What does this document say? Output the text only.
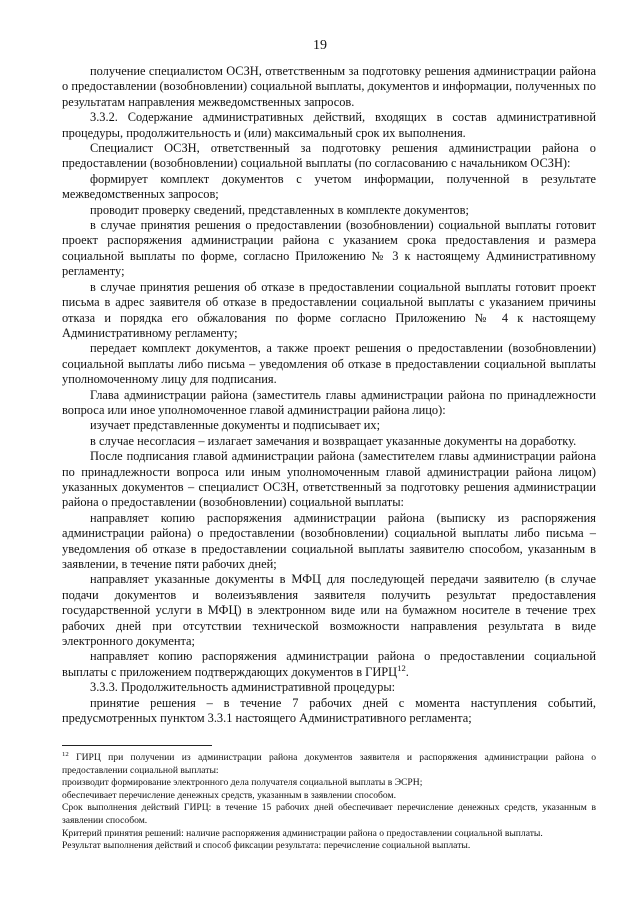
19

получение специалистом ОСЗН, ответственным за подготовку решения администрации района о предоставлении (возобновлении) социальной выплаты, документов и информации, полученных по результатам направления межведомственных запросов.

3.3.2. Содержание административных действий, входящих в состав административной процедуры, продолжительность и (или) максимальный срок их выполнения.

Специалист ОСЗН, ответственный за подготовку решения администрации района о предоставлении (возобновлении) социальной выплаты (по согласованию с начальником ОСЗН):

формирует комплект документов с учетом информации, полученной в результате межведомственных запросов;

проводит проверку сведений, представленных в комплекте документов;

в случае принятия решения о предоставлении (возобновлении) социальной выплаты готовит проект распоряжения администрации района с указанием срока предоставления и размера социальной выплаты по форме, согласно Приложению № 3 к настоящему Административному регламенту;

в случае принятия решения об отказе в предоставлении социальной выплаты готовит проект письма в адрес заявителя об отказе в предоставлении социальной выплаты с указанием причины отказа и порядка его обжалования по форме согласно Приложению № 4 к настоящему Административному регламенту;

передает комплект документов, а также проект решения о предоставлении (возобновлении) социальной выплаты либо письма – уведомления об отказе в предоставлении социальной выплаты уполномоченному лицу для подписания.

Глава администрации района (заместитель главы администрации района по принадлежности вопроса или иное уполномоченное главой администрации района лицо):

изучает представленные документы и подписывает их;

в случае несогласия – излагает замечания и возвращает указанные документы на доработку.

После подписания главой администрации района (заместителем главы администрации района по принадлежности вопроса или иным уполномоченным главой администрации района лицом) указанных документов – специалист ОСЗН, ответственный за подготовку решения администрации района о предоставлении (возобновлении) социальной выплаты:

направляет копию распоряжения администрации района (выписку из распоряжения администрации района) о предоставлении (возобновлении) социальной выплаты либо письма – уведомления об отказе в предоставлении социальной выплаты заявителю способом, указанным в заявлении, в течение пяти рабочих дней;

направляет указанные документы в МФЦ для последующей передачи заявителю (в случае подачи документов и волеизъявления заявителя получить результат предоставления государственной услуги в МФЦ) в электронном виде или на бумажном носителе в течение трех рабочих дней при отсутствии технической возможности направления результата в виде электронного документа;

направляет копию распоряжения администрации района о предоставлении социальной выплаты с приложением подтверждающих документов в ГИРЦ$^{12}$.

3.3.3. Продолжительность административной процедуры:

принятие решения – в течение 7 рабочих дней с момента наступления событий, предусмотренных пунктом 3.3.1 настоящего Административного регламента;

$^{12}$ ГИРЦ при получении из администрации района документов заявителя и распоряжения администрации района о предоставлении социальной выплаты:

производит формирование электронного дела получателя социальной выплаты в ЭСРН;

обеспечивает перечисление денежных средств, указанным в заявлении способом.

Срок выполнения действий ГИРЦ: в течение 15 рабочих дней обеспечивает перечисление денежных средств, указанным в заявлении способом.

Критерий принятия решений: наличие распоряжения администрации района о предоставлении социальной выплаты.

Результат выполнения действий и способ фиксации результата: перечисление социальной выплаты.
